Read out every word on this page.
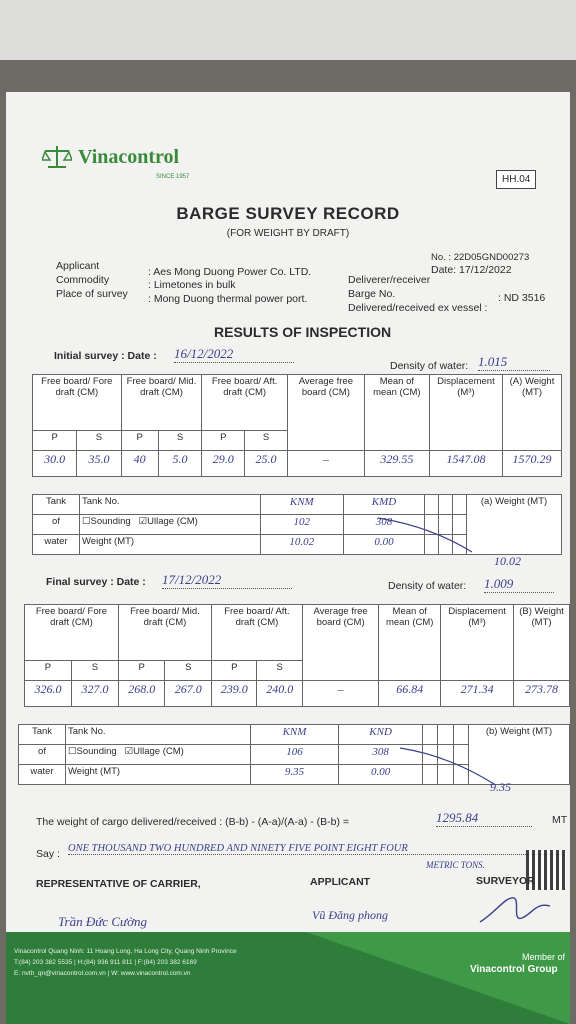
Vinacontrol
SINCE 1957	HH.04
BARGE SURVEY RECORD
(FOR WEIGHT BY DRAFT)
No. : 22D05GND00273
Date: 17/12/2022
Applicant	: Aes Mong Duong Power Co. LTD.
Commodity	: Limetones in bulk
Place of survey : Mong Duong thermal power port.
Deliverer/receiver
Barge No.	: ND 3516
Delivered/received ex vessel :
RESULTS OF INSPECTION
Initial survey : Date : 16/12/2022
Density of water: 1.015
Free board/ Fore draft (CM)		Free board/ Mid. draft (CM)		Free board/ Aft. draft (CM)		Average free board (CM)	Mean of mean (CM)	Displacement (M³)	(A) Weight (MT)
P	S	P	S	P	S				
30.0	35.0	40	5.0	29.0	25.0	–	329.55	1547.08	1570.29
Tank	Tank No.	KNM	KMD				(a) Weight (MT)
of	☐Sounding ☑Ullage (CM)	102	308				
water	Weight (MT)	10.02	0.00				
10.02
Final survey : Date : 17/12/2022	Density of water: 1.009
Free board/ Fore draft (CM)		Free board/ Mid. draft (CM)		Free board/ Aft. draft (CM)		Average free board (CM)	Mean of mean (CM)	Displacement (M³)	(B) Weight (MT)
P	S	P	S	P	S				
326.0	327.0	268.0	267.0	239.0	240.0	–	66.84	271.34	273.78
Tank	Tank No.	KNM	KND				(b) Weight (MT)
of	☐Sounding ☑Ullage (CM)	106	308				
water	Weight (MT)	9.35	0.00				
9.35
The weight of cargo delivered/received : (B-b) - (A-a)/(A-a) - (B-b) =	1295.84	MT
Say : ONE THOUSAND TWO HUNDRED AND NINETY FIVE POINT EIGHT FOUR
METRIC TONS.
REPRESENTATIVE OF CARRIER,	APPLICANT	SURVEYOR
Trần Đức Cường	Vũ Đăng phong
Vinacontrol Quang Ninh: 11 Hoang Long, Ha Long City, Quang Ninh Province
T:(84) 203 382 5535 | H:(84) 936 911 811 | F:(84) 203 382 6169
E: nvth_qn@vinacontrol.com.vn | W: www.vinacontrol.com.vn
Member of
Vinacontrol Group
